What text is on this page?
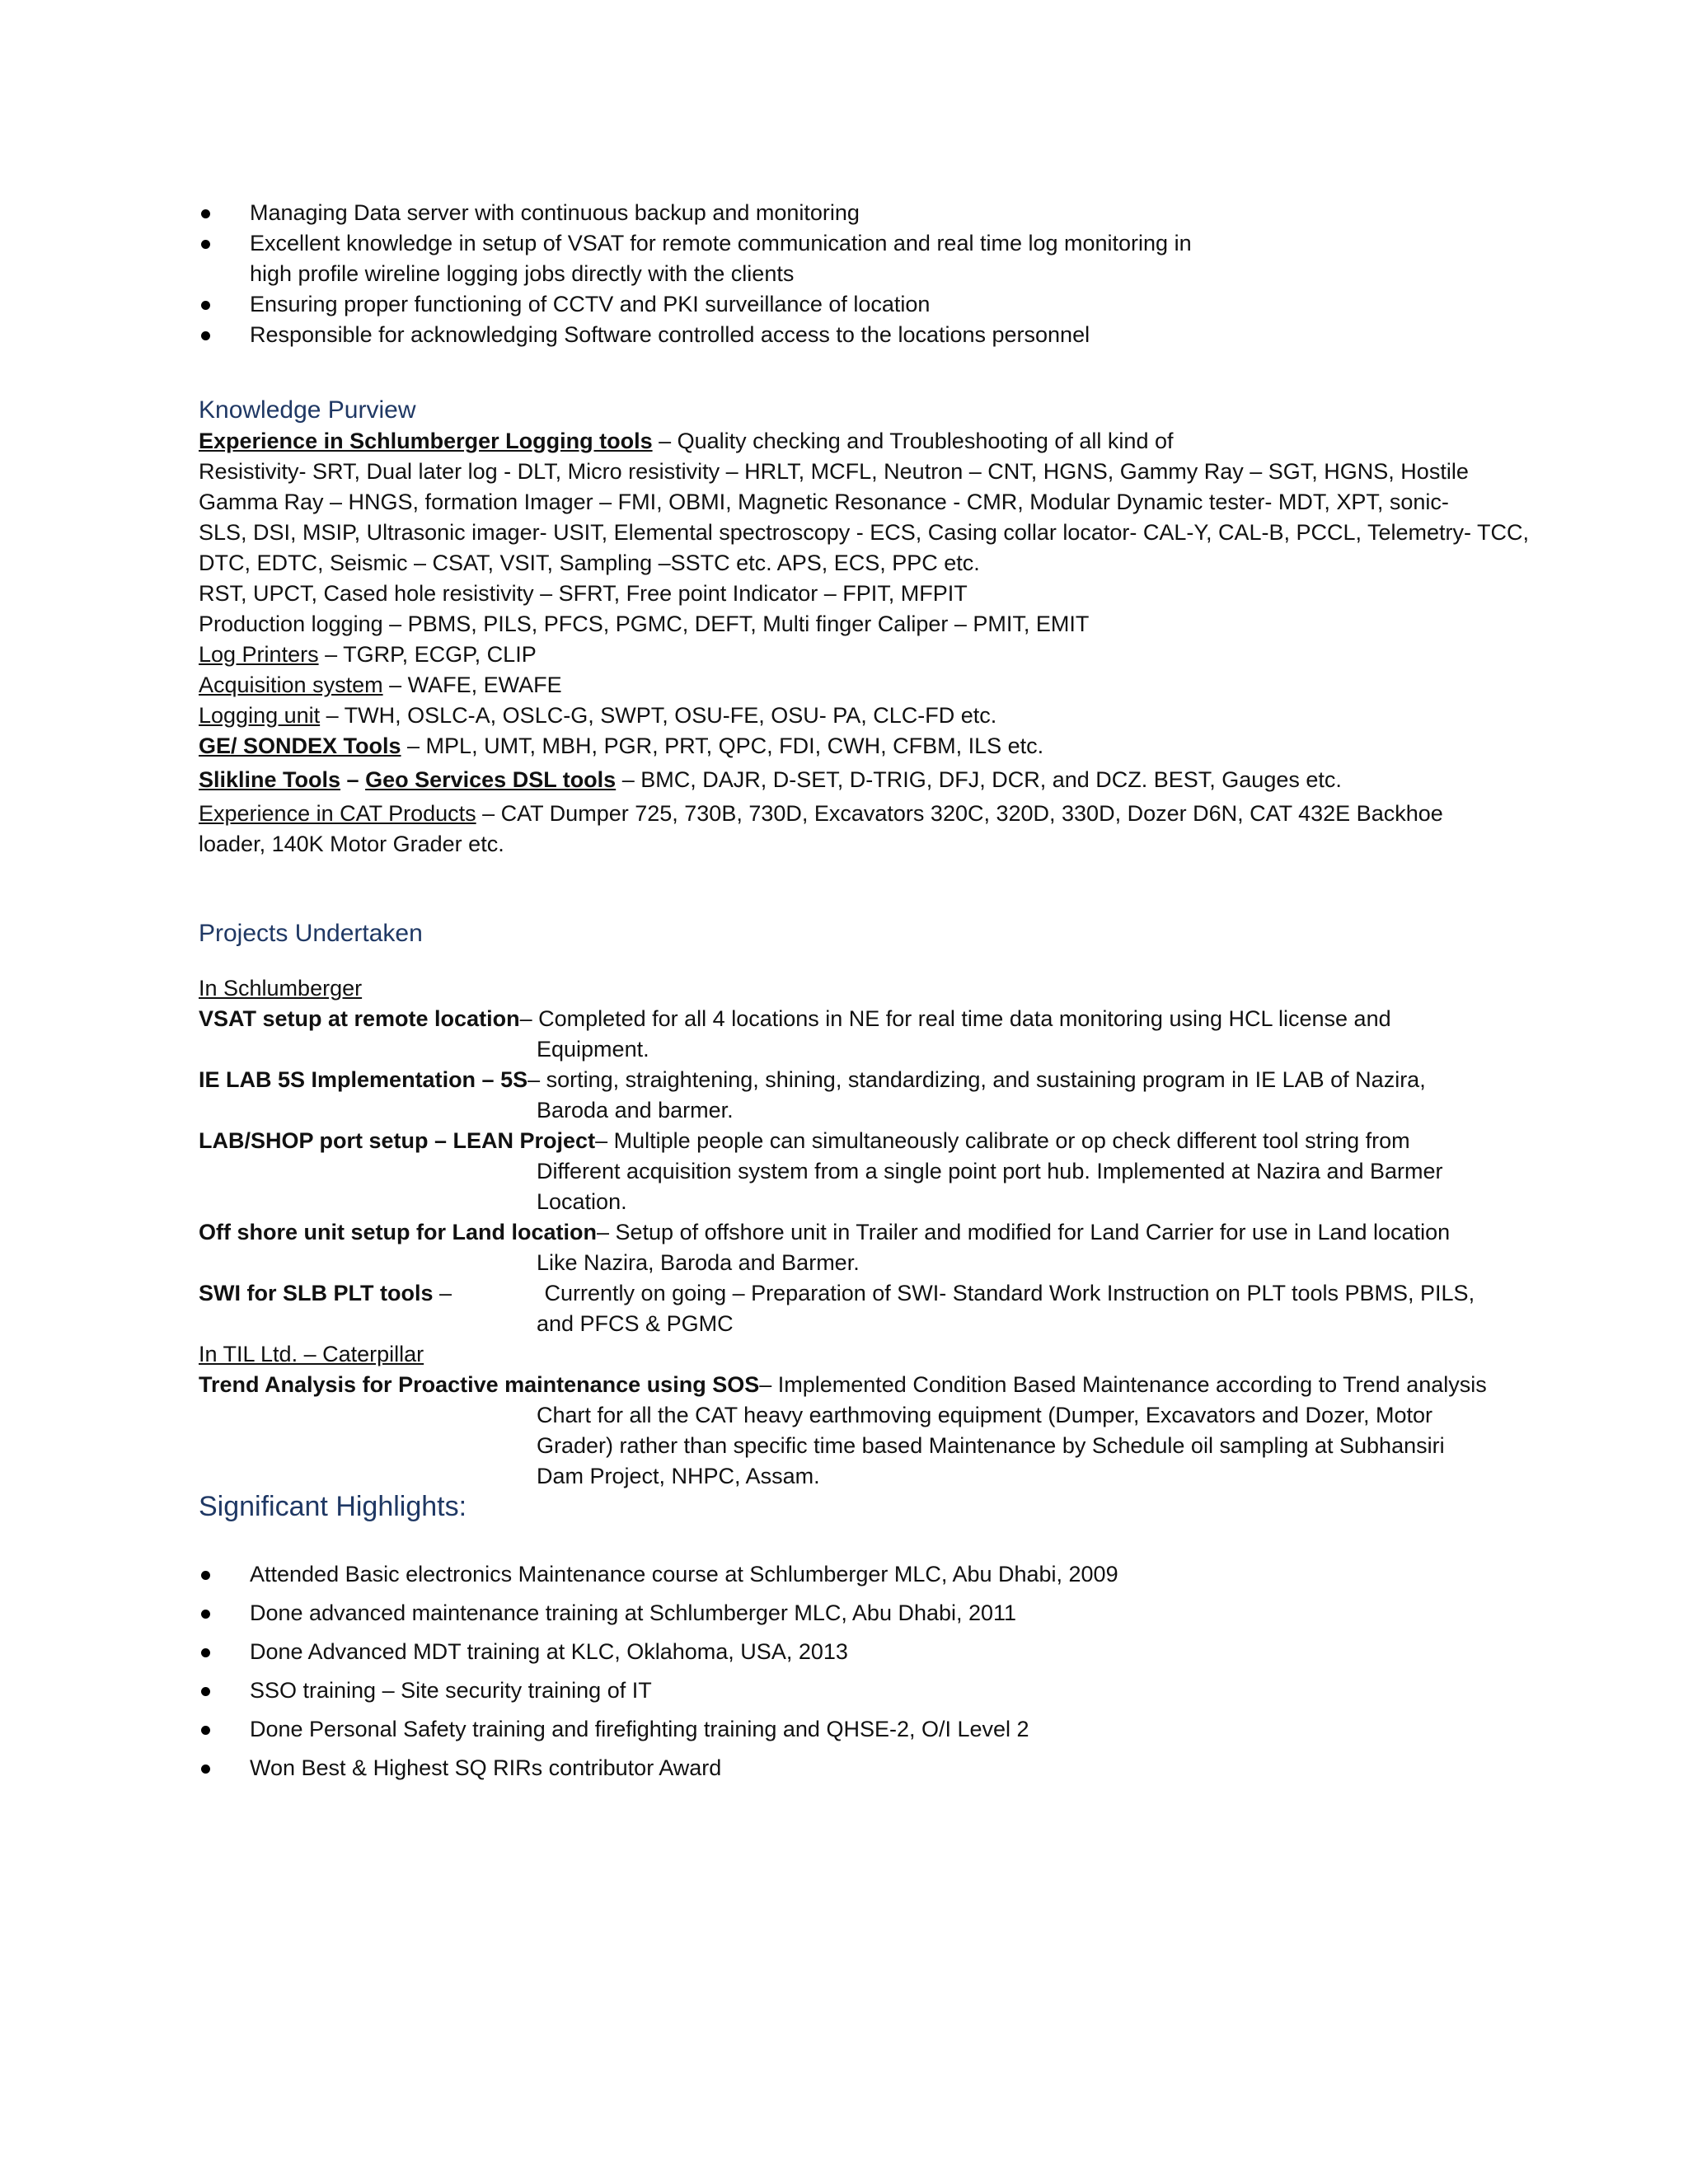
Managing Data server with continuous backup and monitoring
Excellent knowledge in setup of VSAT for remote communication and real time log monitoring in
high profile wireline logging jobs directly with the clients
Ensuring proper functioning of CCTV and PKI surveillance of location
Responsible for acknowledging Software controlled access to the locations personnel
Knowledge Purview
Experience in Schlumberger Logging tools – Quality checking and Troubleshooting of all kind of
Resistivity- SRT, Dual later log - DLT, Micro resistivity – HRLT, MCFL, Neutron – CNT, HGNS, Gammy Ray – SGT, HGNS, Hostile
Gamma Ray – HNGS, formation Imager – FMI, OBMI, Magnetic Resonance - CMR, Modular Dynamic tester- MDT, XPT, sonic-
SLS, DSI, MSIP, Ultrasonic imager- USIT, Elemental spectroscopy - ECS, Casing collar locator- CAL-Y, CAL-B, PCCL, Telemetry- TCC,
DTC, EDTC, Seismic – CSAT, VSIT, Sampling –SSTC etc. APS, ECS, PPC etc.
RST, UPCT, Cased hole resistivity – SFRT, Free point Indicator – FPIT, MFPIT
Production logging – PBMS, PILS, PFCS, PGMC, DEFT, Multi finger Caliper – PMIT, EMIT
Log Printers – TGRP, ECGP, CLIP
Acquisition system – WAFE, EWAFE
Logging unit – TWH, OSLC-A, OSLC-G, SWPT, OSU-FE, OSU- PA, CLC-FD etc.
GE/ SONDEX Tools – MPL, UMT, MBH, PGR, PRT, QPC, FDI, CWH, CFBM, ILS etc.
Slikline Tools – Geo Services DSL tools – BMC, DAJR, D-SET, D-TRIG, DFJ, DCR, and DCZ. BEST, Gauges etc.
Experience in CAT Products – CAT Dumper 725, 730B, 730D, Excavators 320C, 320D, 330D, Dozer D6N, CAT 432E Backhoe
loader, 140K Motor Grader etc.
Projects Undertaken
In Schlumberger
VSAT setup at remote location – Completed for all 4 locations in NE for real time data monitoring using HCL license and
Equipment.
IE LAB 5S Implementation – 5S – sorting, straightening, shining, standardizing, and sustaining program in IE LAB of Nazira,
Baroda and barmer.
LAB/SHOP port setup – LEAN Project – Multiple people can simultaneously calibrate or op check different tool string from
Different acquisition system from a single point port hub. Implemented at Nazira and Barmer
Location.
Off shore unit setup for Land location – Setup of offshore unit in Trailer and modified for Land Carrier for use in Land location
Like Nazira, Baroda and Barmer.
SWI for SLB PLT tools –               Currently on going – Preparation of SWI- Standard Work Instruction on PLT tools PBMS, PILS,
and PFCS & PGMC
In TIL Ltd. – Caterpillar
Trend Analysis for Proactive maintenance using SOS – Implemented Condition Based Maintenance according to Trend analysis
Chart for all the CAT heavy earthmoving equipment (Dumper, Excavators and Dozer, Motor
Grader) rather than specific time based Maintenance by Schedule oil sampling at Subhansiri
Dam Project, NHPC, Assam.
Significant Highlights:
Attended Basic electronics Maintenance course at Schlumberger MLC, Abu Dhabi, 2009
Done advanced maintenance training at Schlumberger MLC, Abu Dhabi, 2011
Done Advanced MDT training at KLC, Oklahoma, USA, 2013
SSO training – Site security training of IT
Done Personal Safety training and firefighting training and QHSE-2, O/I Level 2
Won Best & Highest SQ RIRs contributor Award
